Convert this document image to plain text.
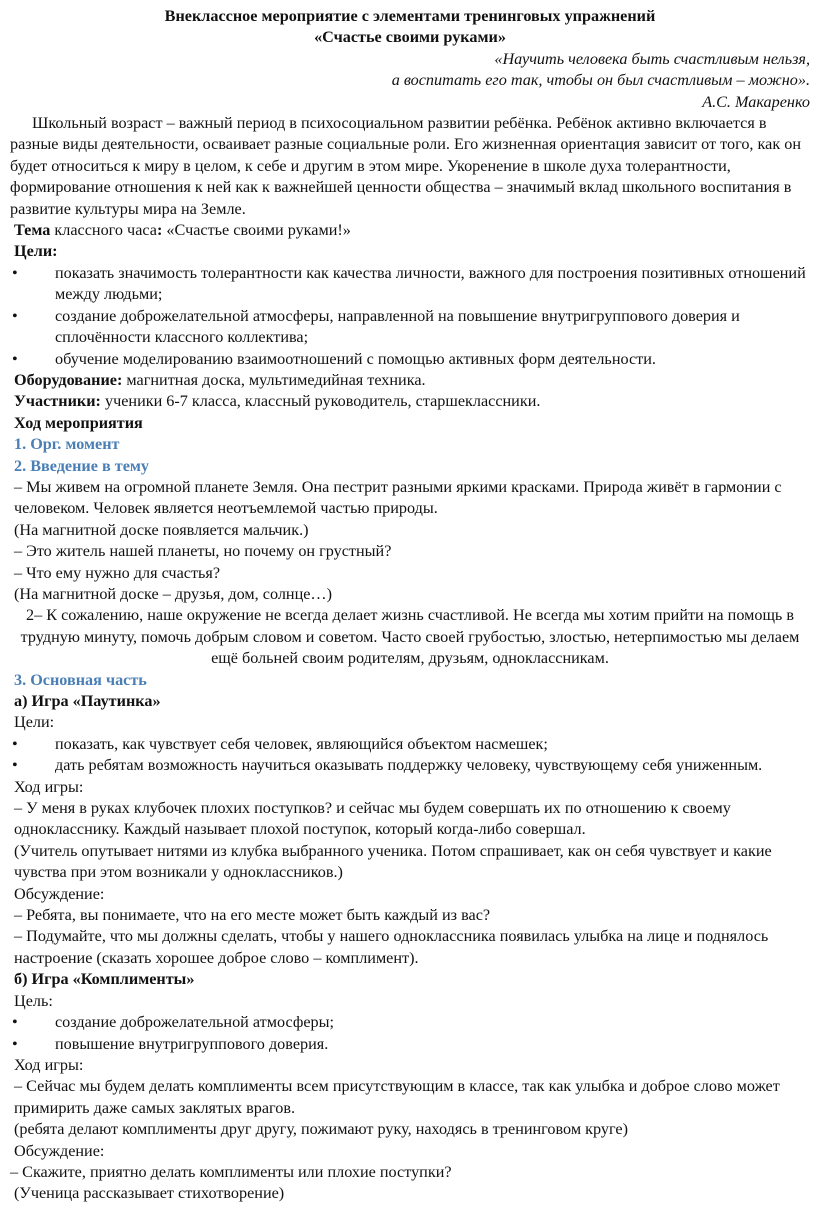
Внеклассное мероприятие с элементами тренинговых упражнений

«Счастье своими руками»

«Научить человека быть счастливым нельзя,

а воспитать его так, чтобы он был счастливым – можно».

А.С. Макаренко

Школьный возраст – важный период в психосоциальном развитии ребёнка. Ребёнок активно включается в разные виды деятельности, осваивает разные социальные роли. Его жизненная ориентация зависит от того, как он будет относиться к миру в целом, к себе и другим в этом мире. Укоренение в школе духа толерантности, формирование отношения к ней как к важнейшей ценности общества – значимый вклад школьного воспитания в развитие культуры мира на Земле.

Тема классного часа: «Счастье своими руками!»

Цели:

• показать значимость толерантности как качества личности, важного для построения позитивных отношений между людьми;

• создание доброжелательной атмосферы, направленной на повышение внутригруппового доверия и сплочённости классного коллектива;

• обучение моделированию взаимоотношений с помощью активных форм деятельности.

Оборудование: магнитная доска, мультимедийная техника.

Участники: ученики 6-7 класса, классный руководитель, старшеклассники.

Ход мероприятия

1. Орг. момент

2. Введение в тему

– Мы живем на огромной планете Земля. Она пестрит разными яркими красками. Природа живёт в гармонии с человеком. Человек является неотъемлемой частью природы.

(На магнитной доске появляется мальчик.)

– Это житель нашей планеты, но почему он грустный?

– Что ему нужно для счастья?

(На магнитной доске – друзья, дом, солнце…)

2– К сожалению, наше окружение не всегда делает жизнь счастливой. Не всегда мы хотим прийти на помощь в трудную минуту, помочь добрым словом и советом. Часто своей грубостью, злостью, нетерпимостью мы делаем ещё больней своим родителям, друзьям, одноклассникам.

3. Основная часть

а) Игра «Паутинка»

Цели:

• показать, как чувствует себя человек, являющийся объектом насмешек;

• дать ребятам возможность научиться оказывать поддержку человеку, чувствующему себя униженным.

Ход игры:

– У меня в руках клубочек плохих поступков? и сейчас мы будем совершать их по отношению к своему однокласснику. Каждый называет плохой поступок, который когда-либо совершал.

(Учитель опутывает нитями из клубка выбранного ученика. Потом спрашивает, как он себя чувствует и какие чувства при этом возникали у одноклассников.)

Обсуждение:

– Ребята, вы понимаете, что на его месте может быть каждый из вас?

– Подумайте, что мы должны сделать, чтобы у нашего одноклассника появилась улыбка на лице и поднялось настроение (сказать хорошее доброе слово – комплимент).

б) Игра «Комплименты»

Цель:

• создание доброжелательной атмосферы;

• повышение внутригруппового доверия.

Ход игры:

– Сейчас мы будем делать комплименты всем присутствующим в классе, так как улыбка и доброе слово может примирить даже самых заклятых врагов.

(ребята делают комплименты друг другу, пожимают руку, находясь в тренинговом круге)

Обсуждение:

– Скажите, приятно делать комплименты или плохие поступки?

(Ученица рассказывает стихотворение)
